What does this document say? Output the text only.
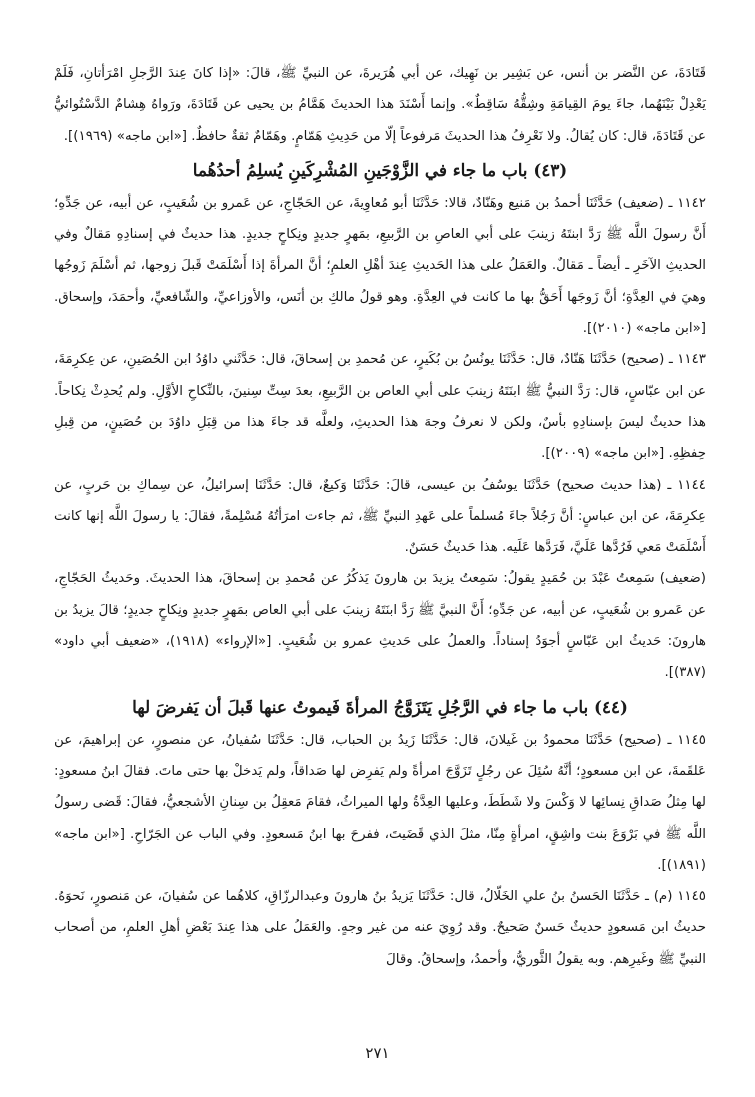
قَتَادَةَ، عن النَّضر بن أنس، عن بَشِير بن نَهِيك، عن أبي هُرَيرةَ، عن النبيِّ ﷺ، قالَ: «إذا كانَ عِندَ الرَّجلِ امْرَأتانِ، فَلَمْ يَعْدِلْ بَيْنَهُما، جاءَ يومَ القِيامَةِ وشِقُّهُ سَاقِطٌ». وإنما أَسْنَدَ هذا الحديثَ هَمَّامُ بن يحيى عن قَتَادَةَ، ورَواهُ هِشامٌ الدَّسْتُوائيُّ عن قَتَادَةَ، قال: كان يُقالُ. ولا نَعْرِفُ هذا الحديثَ مَرفوعاً إلّا من حَدِيثِ هَمّامٍ. وهَمّامٌ ثقةٌ حافظٌ. [«ابن ماجه» (١٩٦٩)].

(٤٣) باب ما جاء في الزَّوْجَينِ المُشْرِكَينِ يُسلِمُ أحدُهُما

١١٤٢ ـ (ضعيف) حَدَّثَنَا أحمدُ بن مَنيع وهَنّادٌ، قالا: حَدَّثَنَا أبو مُعاوِيةَ، عن الحَجّاجِ، عن عَمرو بن شُعَيبٍ، عن أبيه، عن جَدِّهِ؛ أَنَّ رسولَ اللَّه ﷺ رَدَّ ابنتَهُ زينبَ على أبي العاصِ بن الرَّبيعِ، بمَهرٍ جديدٍ ونِكاحٍ جديدٍ. هذا حديثٌ في إسنادِهِ مَقالٌ وفي الحديثِ الآخَرِ ـ أيضاً ـ مَقالٌ. والعَمَلُ على هذا الحَديثِ عِندَ أهْلِ العلمِ؛ أنَّ المرأةَ إذا أَسْلَمَتْ قَبلَ زوجها، ثم أسْلَمَ زَوجُها وهيَ في العِدَّةِ؛ أنَّ زَوجَها أَحَقُّ بها ما كانت في العِدَّةِ. وهو قولُ مالكِ بن أنَس، والأوزاعيِّ، والشّافعيِّ، وأحمَدَ، وإسحاق. [«ابن ماجه» (٢٠١٠)].

١١٤٣ ـ (صحيح) حَدَّثَنَا هَنّادٌ، قال: حَدَّثَنَا يونُسُ بن بُكَيرٍ، عن مُحمدِ بن إسحاقَ، قال: حَدَّثَني داوُدُ ابن الحُصَينِ، عن عِكرِمَةَ، عن ابن عبّاسٍ، قال: رَدَّ النبيُّ ﷺ ابنَتَهُ زينبَ على أبي العاص بن الرَّبيعِ، بعدَ سِتِّ سِنينَ، بالنِّكاحِ الأوَّلِ. ولم يُحدِثْ نِكاحاً. هذا حديثٌ ليسَ بإسنادِهِ بأسٌ، ولكن لا نعرفُ وجهَ هذا الحديثِ، ولعلَّه قد جاءَ هذا من قِبَلِ داوُدَ بن حُصَينٍ، من قِبلِ حِفظِهِ. [«ابن ماجه» (٢٠٠٩)].

١١٤٤ ـ (هذا حديث صحيح) حَدَّثَنَا يوسُفُ بن عيسى، قالَ: حَدَّثَنَا وَكيعٌ، قال: حَدَّثَنَا إسرائيلُ، عن سِماكِ بن حَربٍ، عن عِكرِمَةَ، عن ابن عباسٍ: أنَّ رَجُلاً جاءَ مُسلماً على عَهدِ النبيِّ ﷺ، ثم جاءت امرَأتُهُ مُسْلِمةً، فقالَ: يا رسولَ اللَّه إنها كانت أَسْلَمَتْ مَعي فَرُدَّها عَلَيَّ، فَرَدَّها عَلَيه. هذا حَديثٌ حَسَنٌ.

(ضعيف) سَمِعتُ عَبْدَ بن حُمَيدٍ يقولُ: سَمِعتُ يزيدَ بن هارونَ يَذكُرُ عن مُحمدِ بن إسحاقَ، هذا الحديثَ. وحَديثُ الحَجّاجِ، عن عَمرو بن شُعَيبٍ، عن أبيه، عن جَدِّهِ؛ أَنَّ النبيَّ ﷺ رَدَّ ابنَتَهُ زينبَ على أبي العاص بمَهرٍ جديدٍ ونِكاحٍ جديدٍ؛ قالَ يزيدُ بن هارونَ: حَديثُ ابن عَبّاسٍ أجوَدُ إسناداً. والعملُ على حَديثِ عمرو بن شُعَيبٍ. [«الإرواء» (١٩١٨)، «ضعيف أبي داود» (٣٨٧)].

(٤٤) باب ما جاء في الرَّجُلِ يَتَزَوَّجُ المرأةَ فَيموتُ عنها قَبلَ أن يَفرضَ لها

١١٤٥ ـ (صحيح) حَدَّثَنَا محمودُ بن غَيلانَ، قال: حَدَّثَنَا زَيدُ بن الحباب، قال: حَدَّثَنَا سُفيانُ، عن منصورٍ، عن إبراهيمَ، عن عَلقَمةَ، عن ابن مسعودٍ؛ أنَّهُ سُئِلَ عن رجُلٍ تَزَوَّجَ امرأةً ولم يَفرِض لها صَداقاً، ولم يَدخلْ بها حتى ماتَ. فقالَ ابنُ مسعودٍ: لها مِثلُ صَداقِ نِسائِها لا وَكْسَ ولا شَطَطَ، وعليها العِدَّةُ ولها الميراثُ، فقامَ مَعقِلُ بن سِنانِ الأشجعيُّ، فقالَ: قَضى رسولُ اللَّه ﷺ في بَرْوَعَ بنت واشِقٍ، امرأةٍ مِنّا، مثلَ الذي قَضَيتَ، ففرحَ بها ابنُ مَسعودٍ. وفي الباب عن الجَرّاحِ. [«ابن ماجه» (١٨٩١)].

١١٤٥ (م) ـ حَدَّثَنَا الحَسنُ بنُ علي الخَلّالُ، قال: حَدَّثَنَا يَزيدُ بنُ هارونَ وعبدالرزّاقِ، كلاهُما عن سُفيانَ، عن مَنصورٍ، نَحوَهُ. حديثُ ابن مَسعودٍ حديثٌ حَسنٌ صَحيحٌ. وقد رُوِيَ عنه من غير وجهٍ. والعَمَلُ على هذا عِندَ بَعْضِ أهلِ العلمِ، من أصحاب النبيِّ ﷺ وغَيرِهم. وبه يقولُ الثَّوريُّ، وأحمدُ، وإسحاقُ. وقالَ

٢٧١
